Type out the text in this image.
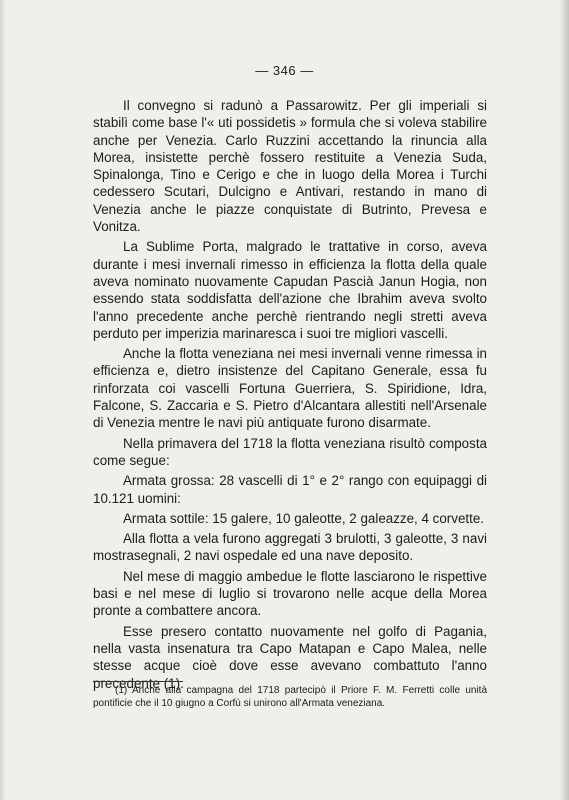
— 346 —

Il convegno si radunò a Passarowitz. Per gli imperiali si stabilì come base l'« uti possidetis » formula che si voleva stabilire anche per Venezia. Carlo Ruzzini accettando la rinuncia alla Morea, insistette perchè fossero restituite a Venezia Suda, Spinalonga, Tino e Cerigo e che in luogo della Morea i Turchi cedessero Scutari, Dulcigno e Antivari, restando in mano di Venezia anche le piazze conquistate di Butrinto, Prevesa e Vonitza.

La Sublime Porta, malgrado le trattative in corso, aveva durante i mesi invernali rimesso in efficienza la flotta della quale aveva nominato nuovamente Capudan Pascià Janun Hogia, non essendo stata soddisfatta dell'azione che Ibrahim aveva svolto l'anno precedente anche perchè rientrando negli stretti aveva perduto per imperizia marinaresca i suoi tre migliori vascelli.

Anche la flotta veneziana nei mesi invernali venne rimessa in efficienza e, dietro insistenze del Capitano Generale, essa fu rinforzata coi vascelli Fortuna Guerriera, S. Spiridione, Idra, Falcone, S. Zaccaria e S. Pietro d'Alcantara allestiti nell'Arsenale di Venezia mentre le navi più antiquate furono disarmate.

Nella primavera del 1718 la flotta veneziana risultò composta come segue:

Armata grossa: 28 vascelli di 1° e 2° rango con equipaggi di 10.121 uomini:

Armata sottile: 15 galere, 10 galeotte, 2 galeazze, 4 corvette.

Alla flotta a vela furono aggregati 3 brulotti, 3 galeotte, 3 navi mostrasegnali, 2 navi ospedale ed una nave deposito.

Nel mese di maggio ambedue le flotte lasciarono le rispettive basi e nel mese di luglio si trovarono nelle acque della Morea pronte a combattere ancora.

Esse presero contatto nuovamente nel golfo di Pagania, nella vasta insenatura tra Capo Matapan e Capo Malea, nelle stesse acque cioè dove esse avevano combattuto l'anno precedente (1).

(1) Anche alla campagna del 1718 partecipò il Priore F. M. Ferretti colle unità pontificie che il 10 giugno a Corfù si unirono all'Armata veneziana.
